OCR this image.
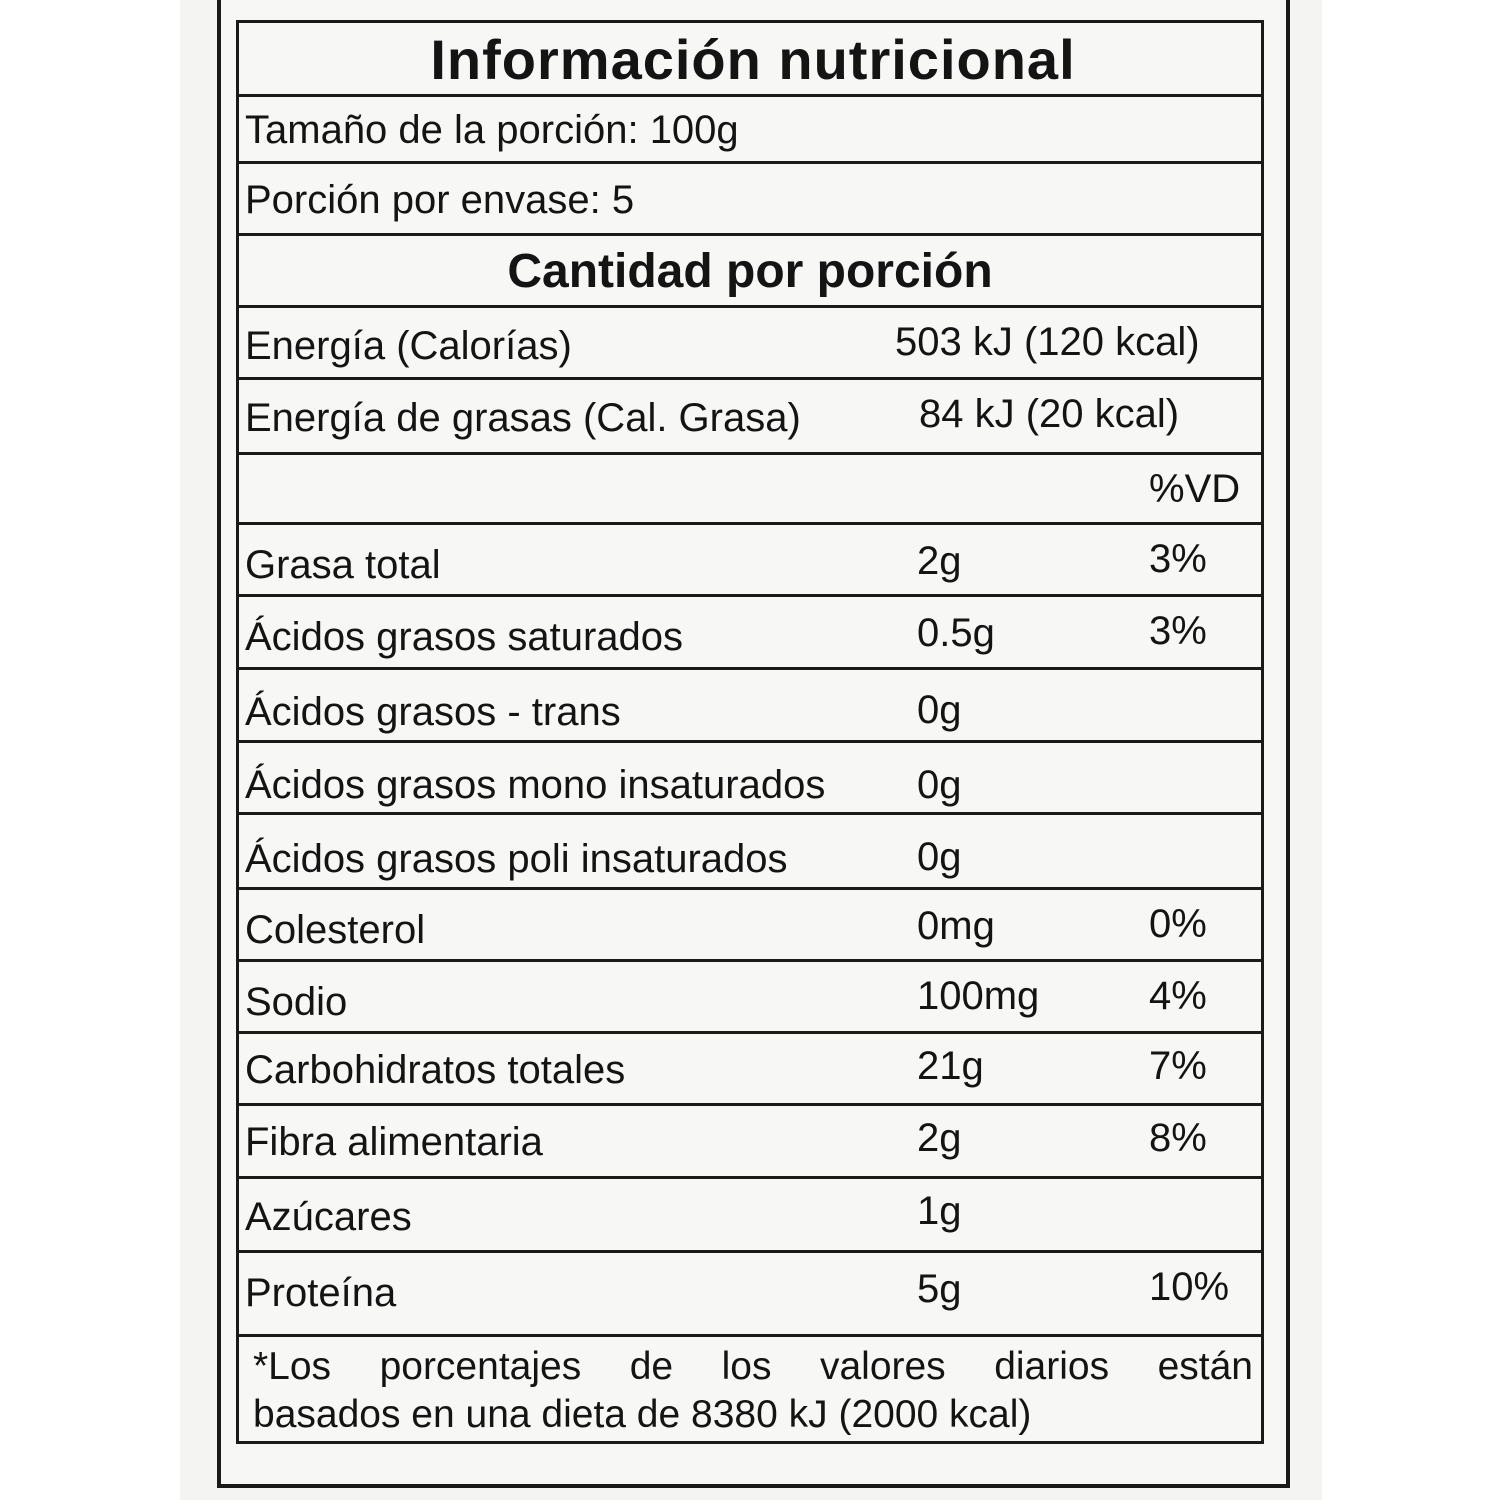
Información nutricional
Tamaño de la porción: 100g
Porción por envase: 5
Cantidad por porción
Energía (Calorías)	503 kJ (120 kcal)
Energía de grasas (Cal. Grasa)	84 kJ (20 kcal)
%VD
Grasa total	2g	3%
Ácidos grasos saturados	0.5g	3%
Ácidos grasos - trans	0g
Ácidos grasos mono insaturados 0g
Ácidos grasos poli insaturados	0g
Colesterol	0mg	0%
Sodio	100mg	4%
Carbohidratos totales	21g	7%
Fibra alimentaria	2g	8%
Azúcares	1g
Proteína	5g	10%
*Los porcentajes de los valores diarios están
basados en una dieta de 8380 kJ (2000 kcal)
